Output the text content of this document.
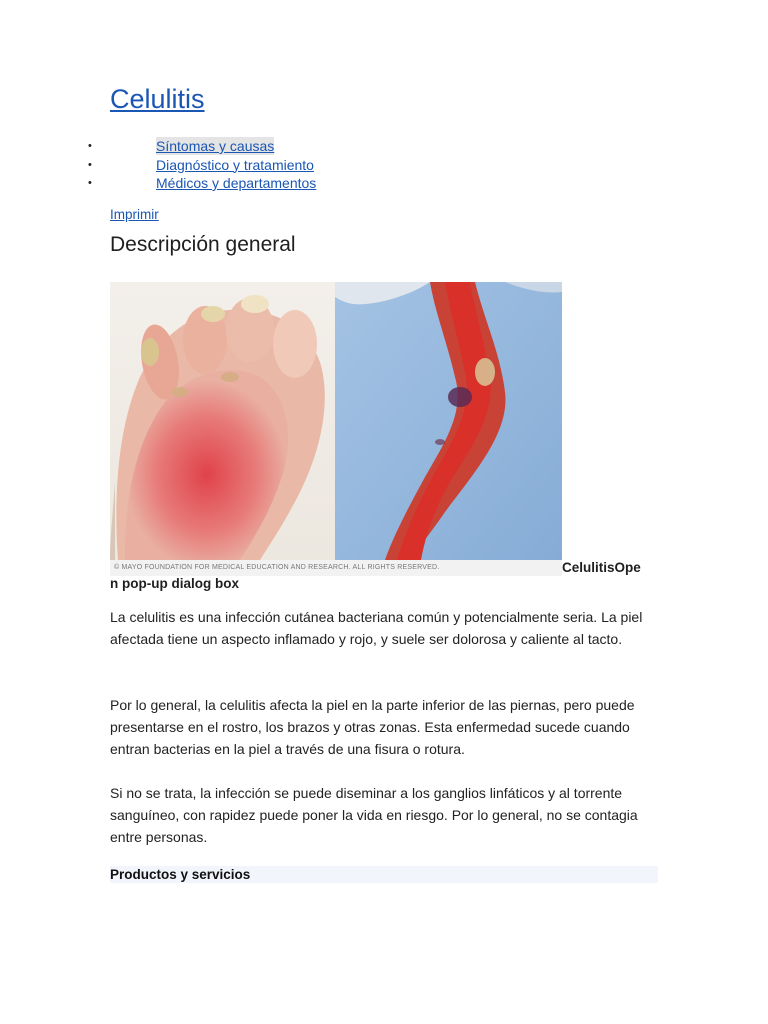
Celulitis
•	Síntomas y causas
•	Diagnóstico y tratamiento
•	Médicos y departamentos
Imprimir
Descripción general
© MAYO FOUNDATION FOR MEDICAL EDUCATION AND RESEARCH. ALL RIGHTS RESERVED.	CelulitisOpe
n pop-up dialog box

La celulitis es una infección cutánea bacteriana común y potencialmente seria. La piel afectada tiene un aspecto inflamado y rojo, y suele ser dolorosa y caliente al tacto.

Por lo general, la celulitis afecta la piel en la parte inferior de las piernas, pero puede presentarse en el rostro, los brazos y otras zonas. Esta enfermedad sucede cuando entran bacterias en la piel a través de una fisura o rotura.

Si no se trata, la infección se puede diseminar a los ganglios linfáticos y al torrente sanguíneo, con rapidez puede poner la vida en riesgo. Por lo general, no se contagia entre personas.

Productos y servicios
